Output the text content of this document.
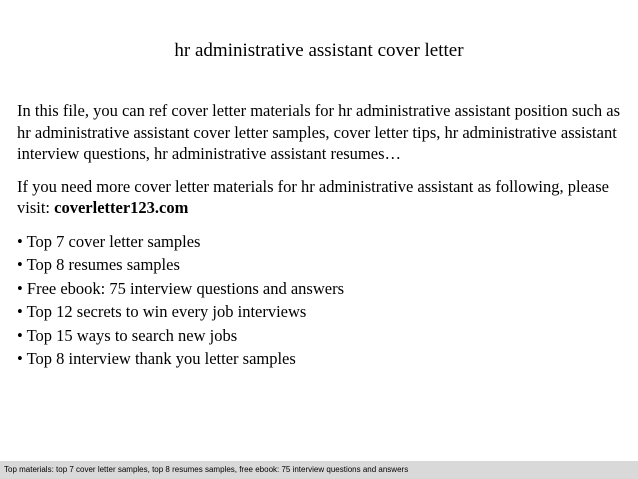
hr administrative assistant cover letter

In this file, you can ref cover letter materials for hr administrative assistant position such as hr administrative assistant cover letter samples, cover letter tips, hr administrative assistant interview questions, hr administrative assistant resumes…

If you need more cover letter materials for hr administrative assistant as following, please visit: coverletter123.com

• Top 7 cover letter samples
• Top 8 resumes samples
• Free ebook: 75 interview questions and answers
• Top 12 secrets to win every job interviews
• Top 15 ways to search new jobs
• Top 8 interview thank you letter samples
Top materials: top 7 cover letter samples, top 8 resumes samples, free ebook: 75 interview questions and answers
